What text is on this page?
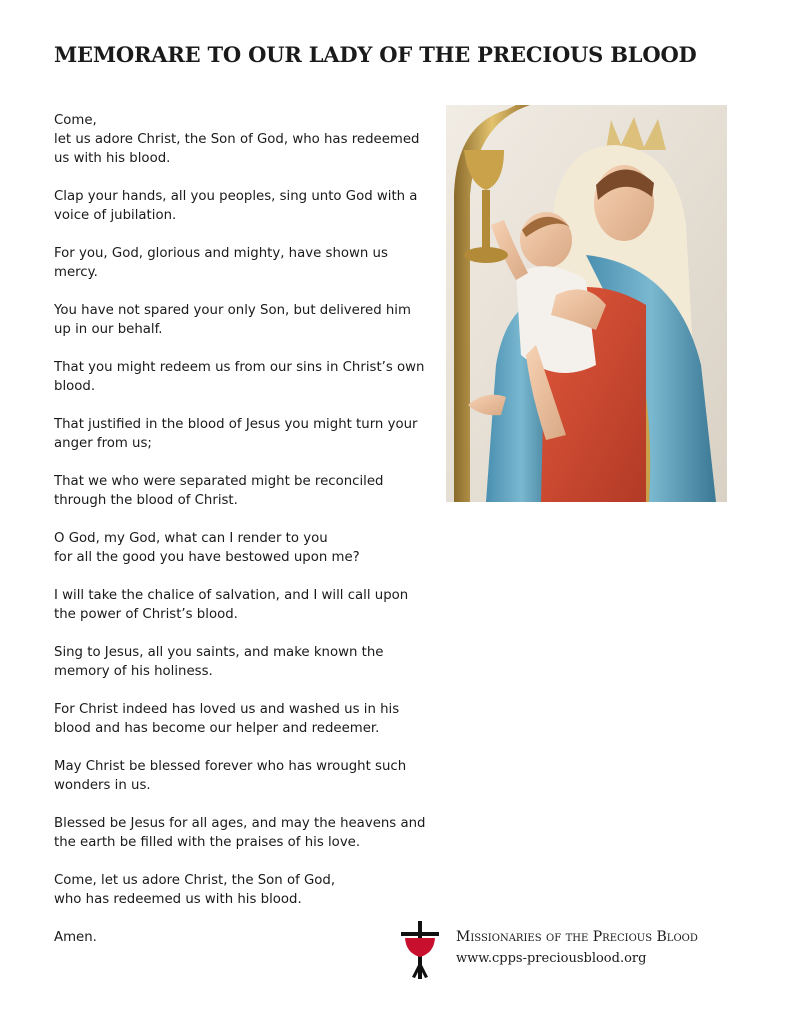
MEMORARE TO OUR LADY OF THE PRECIOUS BLOOD

Come,
let us adore Christ, the Son of God, who has redeemed
us with his blood.

Clap your hands, all you peoples, sing unto God with a
voice of jubilation.

For you, God, glorious and mighty, have shown us
mercy.

You have not spared your only Son, but delivered him
up in our behalf.

That you might redeem us from our sins in Christ’s own
blood.

That justified in the blood of Jesus you might turn your
anger from us;

That we who were separated might be reconciled
through the blood of Christ.

O God, my God, what can I render to you
for all the good you have bestowed upon me?

I will take the chalice of salvation, and I will call upon
the power of Christ’s blood.

Sing to Jesus, all you saints, and make known the
memory of his holiness.

For Christ indeed has loved us and washed us in his
blood and has become our helper and redeemer.

May Christ be blessed forever who has wrought such
wonders in us.

Blessed be Jesus for all ages, and may the heavens and
the earth be filled with the praises of his love.

Come, let us adore Christ, the Son of God,
who has redeemed us with his blood.

Amen.	Missionaries of the Precious Blood
www.cpps-preciousblood.org
